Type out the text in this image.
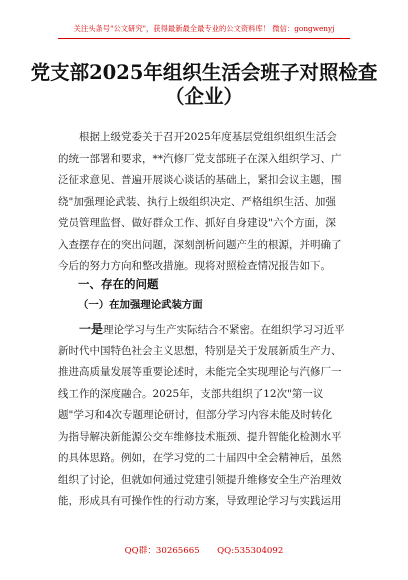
关注头条号"公文研究"，获得最新最全最专业的公文资料库！ 微信：gongwenyj
党支部2025年组织生活会班子对照检查
（企业）
根据上级党委关于召开2025年度基层党组织组织生活会
的统一部署和要求，**汽修厂党支部班子在深入组织学习、广
泛征求意见、普遍开展谈心谈话的基础上，紧扣会议主题，围
绕"加强理论武装、执行上级组织决定、严格组织生活、加强
党员管理监督、做好群众工作、抓好自身建设"六个方面，深
入查摆存在的突出问题，深刻剖析问题产生的根源，并明确了
今后的努力方向和整改措施。现将对照检查情况报告如下。
一、存在的问题
（一）在加强理论武装方面
一是理论学习与生产实际结合不紧密。在组织学习习近平
新时代中国特色社会主义思想，特别是关于发展新质生产力、
推进高质量发展等重要论述时，未能完全实现理论与汽修厂一
线工作的深度融合。2025年，支部共组织了12次"第一议
题"学习和4次专题理论研讨，但部分学习内容未能及时转化
为指导解决新能源公交车维修技术瓶颈、提升智能化检测水平
的具体思路。例如，在学习党的二十届四中全会精神后，虽然
组织了讨论，但就如何通过党建引领提升维修安全生产治理效
能，形成具有可操作性的行动方案，导致理论学习与实践运用
QQ群：30265665 QQ:535304092
